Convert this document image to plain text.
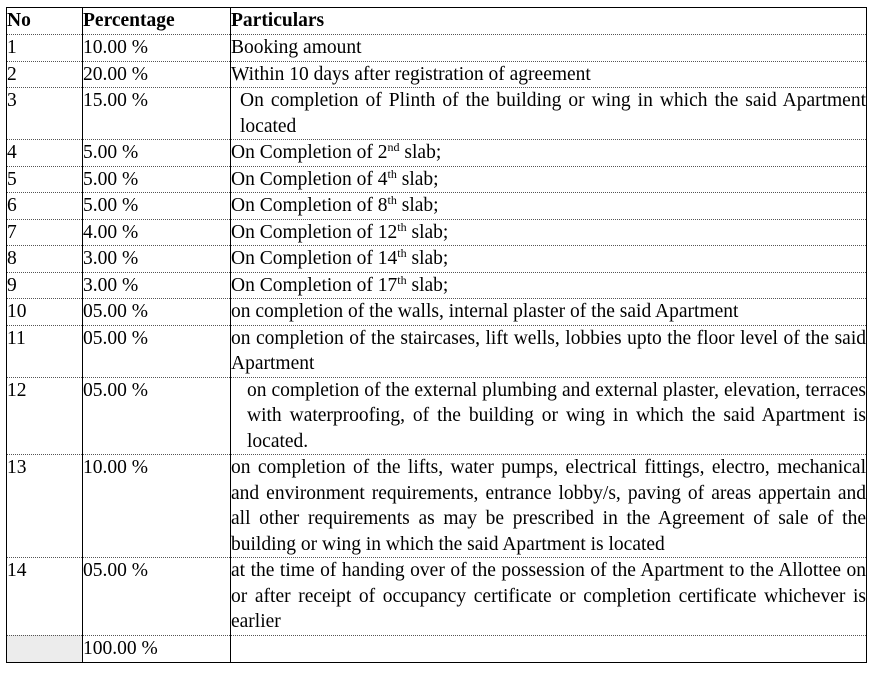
No	Percentage	Particulars
1	10.00 %	Booking amount
2	20.00 %	Within 10 days after registration of agreement
3	15.00 %	On completion of Plinth of the building or wing in which the said Apartment located
4	5.00 %	On Completion of 2nd slab;
5	5.00 %	On Completion of 4th slab;
6	5.00 %	On Completion of 8th slab;
7	4.00 %	On Completion of 12th slab;
8	3.00 %	On Completion of 14th slab;
9	3.00 %	On Completion of 17th slab;
10	05.00 %	on completion of the walls, internal plaster of the said Apartment
11	05.00 %	on completion of the staircases, lift wells, lobbies upto the floor level of the said Apartment
12	05.00 %	on completion of the external plumbing and external plaster, elevation, terraces with waterproofing, of the building or wing in which the said Apartment is located.
13	10.00 %	on completion of the lifts, water pumps, electrical fittings, electro, mechanical and environment requirements, entrance lobby/s, paving of areas appertain and all other requirements as may be prescribed in the Agreement of sale of the building or wing in which the said Apartment is located
14	05.00 %	at the time of handing over of the possession of the Apartment to the Allottee on or after receipt of occupancy certificate or completion certificate whichever is earlier
	100.00 %	
